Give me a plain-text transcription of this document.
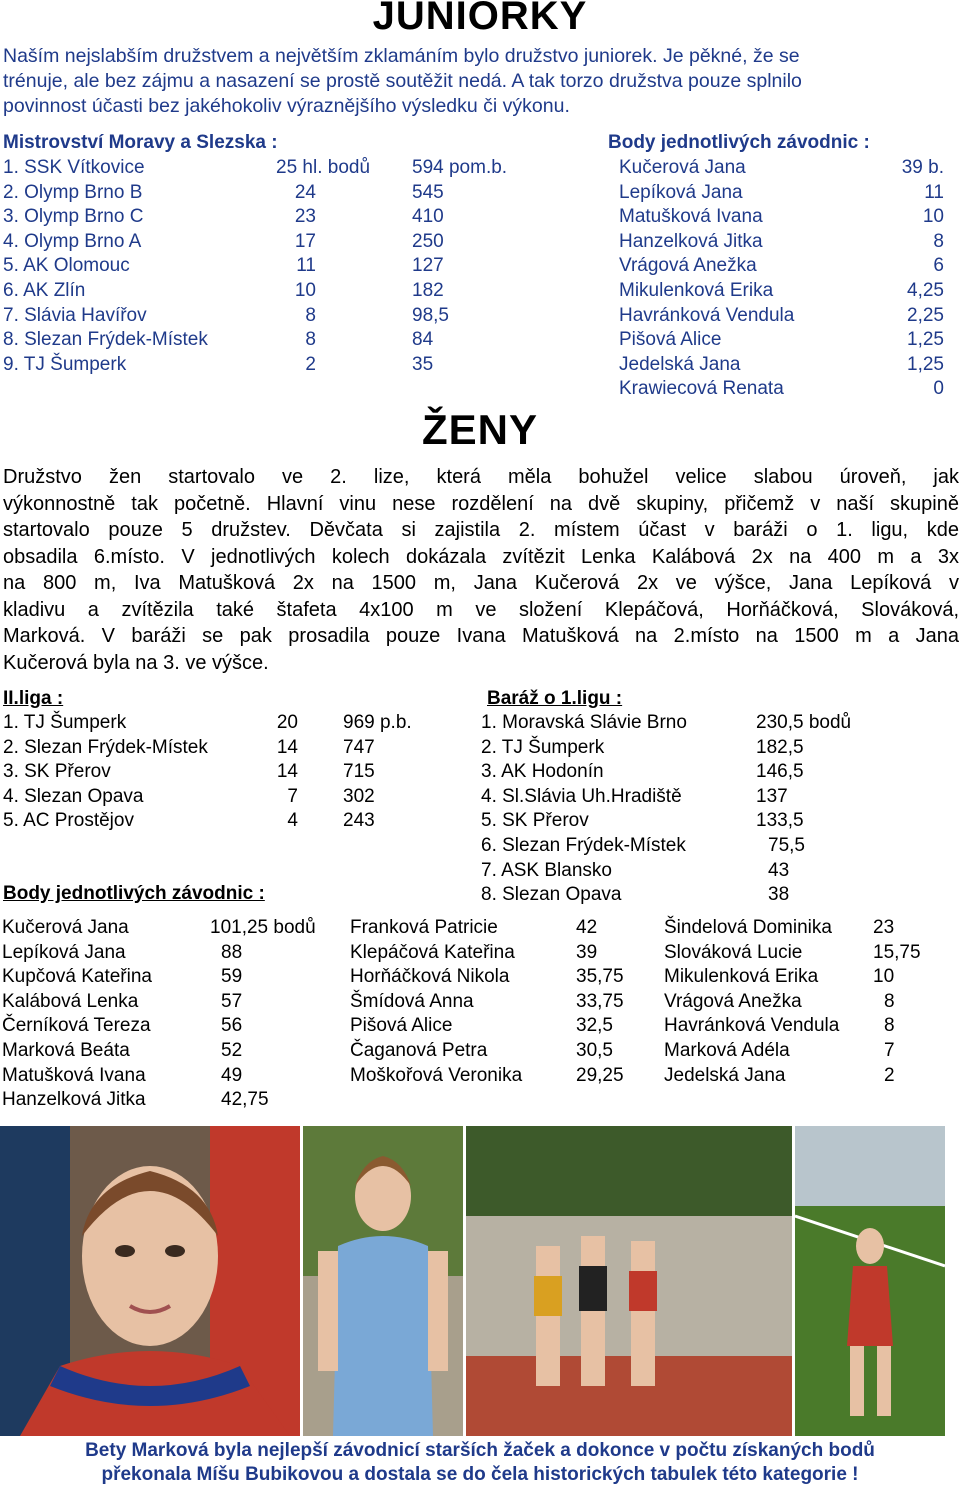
JUNIORKY
Naším nejslabším družstvem a největším zklamáním bylo družstvo juniorek. Je pěkné, že se
trénuje, ale bez zájmu a nasazení se prostě soutěžit nedá. A tak torzo družstva pouze splnilo
povinnost účasti bez jakéhokoliv výraznějšího výsledku či výkonu.
Mistrovství Moravy a Slezska :	Body jednotlivých závodnic :
1. SSK Vítkovice	25 hl. bodů 594 pom.b.
2. Olymp Brno B	24	545
3. Olymp Brno C	23	410
4. Olymp Brno A	17	250
5. AK Olomouc	11	127
6. AK Zlín	10	182
7. Slávia Havířov	8	98,5
8. Slezan Frýdek-Místek	8	84
9. TJ Šumperk	2	35
Kučerová Jana	39 b.
Lepíková Jana	11
Matušková Ivana	10
Hanzelková Jitka	8
Vrágová Anežka	6
Mikulenková Erika	4,25
Havránková Vendula	2,25
Pišová Alice	1,25
Jedelská Jana	1,25
Krawiecová Renata	0
ŽENY
Družstvo žen startovalo ve 2. lize, která měla bohužel velice slabou úroveň, jak
výkonnostně tak početně. Hlavní vinu nese rozdělení na dvě skupiny, přičemž v naší skupině
startovalo pouze 5 družstev. Děvčata si zajistila 2. místem účast v baráži o 1. ligu, kde
obsadila 6.místo. V jednotlivých kolech dokázala zvítězit Lenka Kalábová 2x na 400 m a 3x
na 800 m, Iva Matušková 2x na 1500 m, Jana Kučerová 2x ve výšce, Jana Lepíková v
kladivu a zvítězila také štafeta 4x100 m ve složení Klepáčová, Horňáčková, Slováková,
Marková. V baráži se pak prosadila pouze Ivana Matušková na 2.místo na 1500 m a Jana
Kučerová byla na 3. ve výšce.
II.liga :	Baráž o 1.ligu :
1. TJ Šumperk	20 969 p.b.
2. Slezan Frýdek-Místek	14 747
3. SK Přerov	14 715
4. Slezan Opava	7 302
5. AC Prostějov	4 243
1. Moravská Slávie Brno	230,5 bodů
2. TJ Šumperk	182,5
3. AK Hodonín	146,5
4. Sl.Slávia Uh.Hradiště	137
5. SK Přerov	133,5
6. Slezan Frýdek-Místek	75,5
7. ASK Blansko	43
8. Slezan Opava	38
Body jednotlivých závodnic :
Kučerová Jana	101,25 bodů
Lepíková Jana	88
Kupčová Kateřina	59
Kalábová Lenka	57
Černíková Tereza	56
Marková Beáta	52
Matušková Ivana	49
Hanzelková Jitka	42,75
Franková Patricie	42
Klepáčová Kateřina	39
Horňáčková Nikola	35,75
Šmídová Anna	33,75
Pišová Alice	32,5
Čaganová Petra	30,5
Moškořová Veronika	29,25
Šindelová Dominika 23
Slováková Lucie	15,75
Mikulenková Erika	10
Vrágová Anežka	8
Havránková Vendula 8
Marková Adéla	7
Jedelská Jana	2
Bety Marková byla nejlepší závodnicí starších žaček a dokonce v počtu získaných bodů
překonala Míšu Bubikovou a dostala se do čela historických tabulek této kategorie !
